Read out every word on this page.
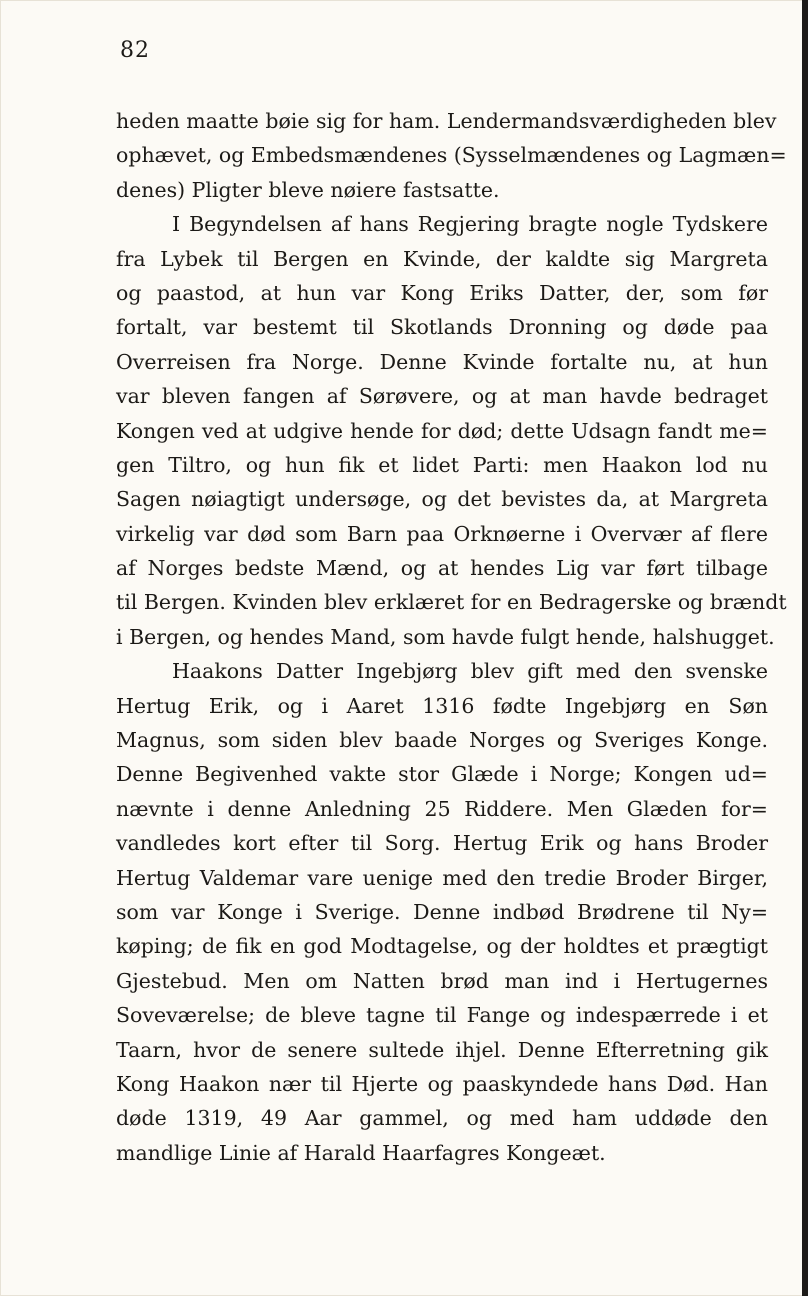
82
heden maatte bøie sig for ham. Lendermandsværdigheden blev
ophævet, og Embedsmændenes (Sysselmændenes og Lagmæn=
denes) Pligter bleve nøiere fastsatte.
I Begyndelsen af hans Regjering bragte nogle Tydskere
fra Lybek til Bergen en Kvinde, der kaldte sig Margreta
og paastod, at hun var Kong Eriks Datter, der, som før
fortalt, var bestemt til Skotlands Dronning og døde paa
Overreisen fra Norge. Denne Kvinde fortalte nu, at hun
var bleven fangen af Sørøvere, og at man havde bedraget
Kongen ved at udgive hende for død; dette Udsagn fandt me=
gen Tiltro, og hun fik et lidet Parti: men Haakon lod nu
Sagen nøiagtigt undersøge, og det bevistes da, at Margreta
virkelig var død som Barn paa Orknøerne i Overvær af flere
af Norges bedste Mænd, og at hendes Lig var ført tilbage
til Bergen. Kvinden blev erklæret for en Bedragerske og brændt
i Bergen, og hendes Mand, som havde fulgt hende, halshugget.
Haakons Datter Ingebjørg blev gift med den svenske
Hertug Erik, og i Aaret 1316 fødte Ingebjørg en Søn
Magnus, som siden blev baade Norges og Sveriges Konge.
Denne Begivenhed vakte stor Glæde i Norge; Kongen ud=
nævnte i denne Anledning 25 Riddere. Men Glæden for=
vandledes kort efter til Sorg. Hertug Erik og hans Broder
Hertug Valdemar vare uenige med den tredie Broder Birger,
som var Konge i Sverige. Denne indbød Brødrene til Ny=
køping; de fik en god Modtagelse, og der holdtes et prægtigt
Gjestebud. Men om Natten brød man ind i Hertugernes
Soveværelse; de bleve tagne til Fange og indespærrede i et
Taarn, hvor de senere sultede ihjel. Denne Efterretning gik
Kong Haakon nær til Hjerte og paaskyndede hans Død. Han
døde 1319, 49 Aar gammel, og med ham uddøde den
mandlige Linie af Harald Haarfagres Kongeæt.
